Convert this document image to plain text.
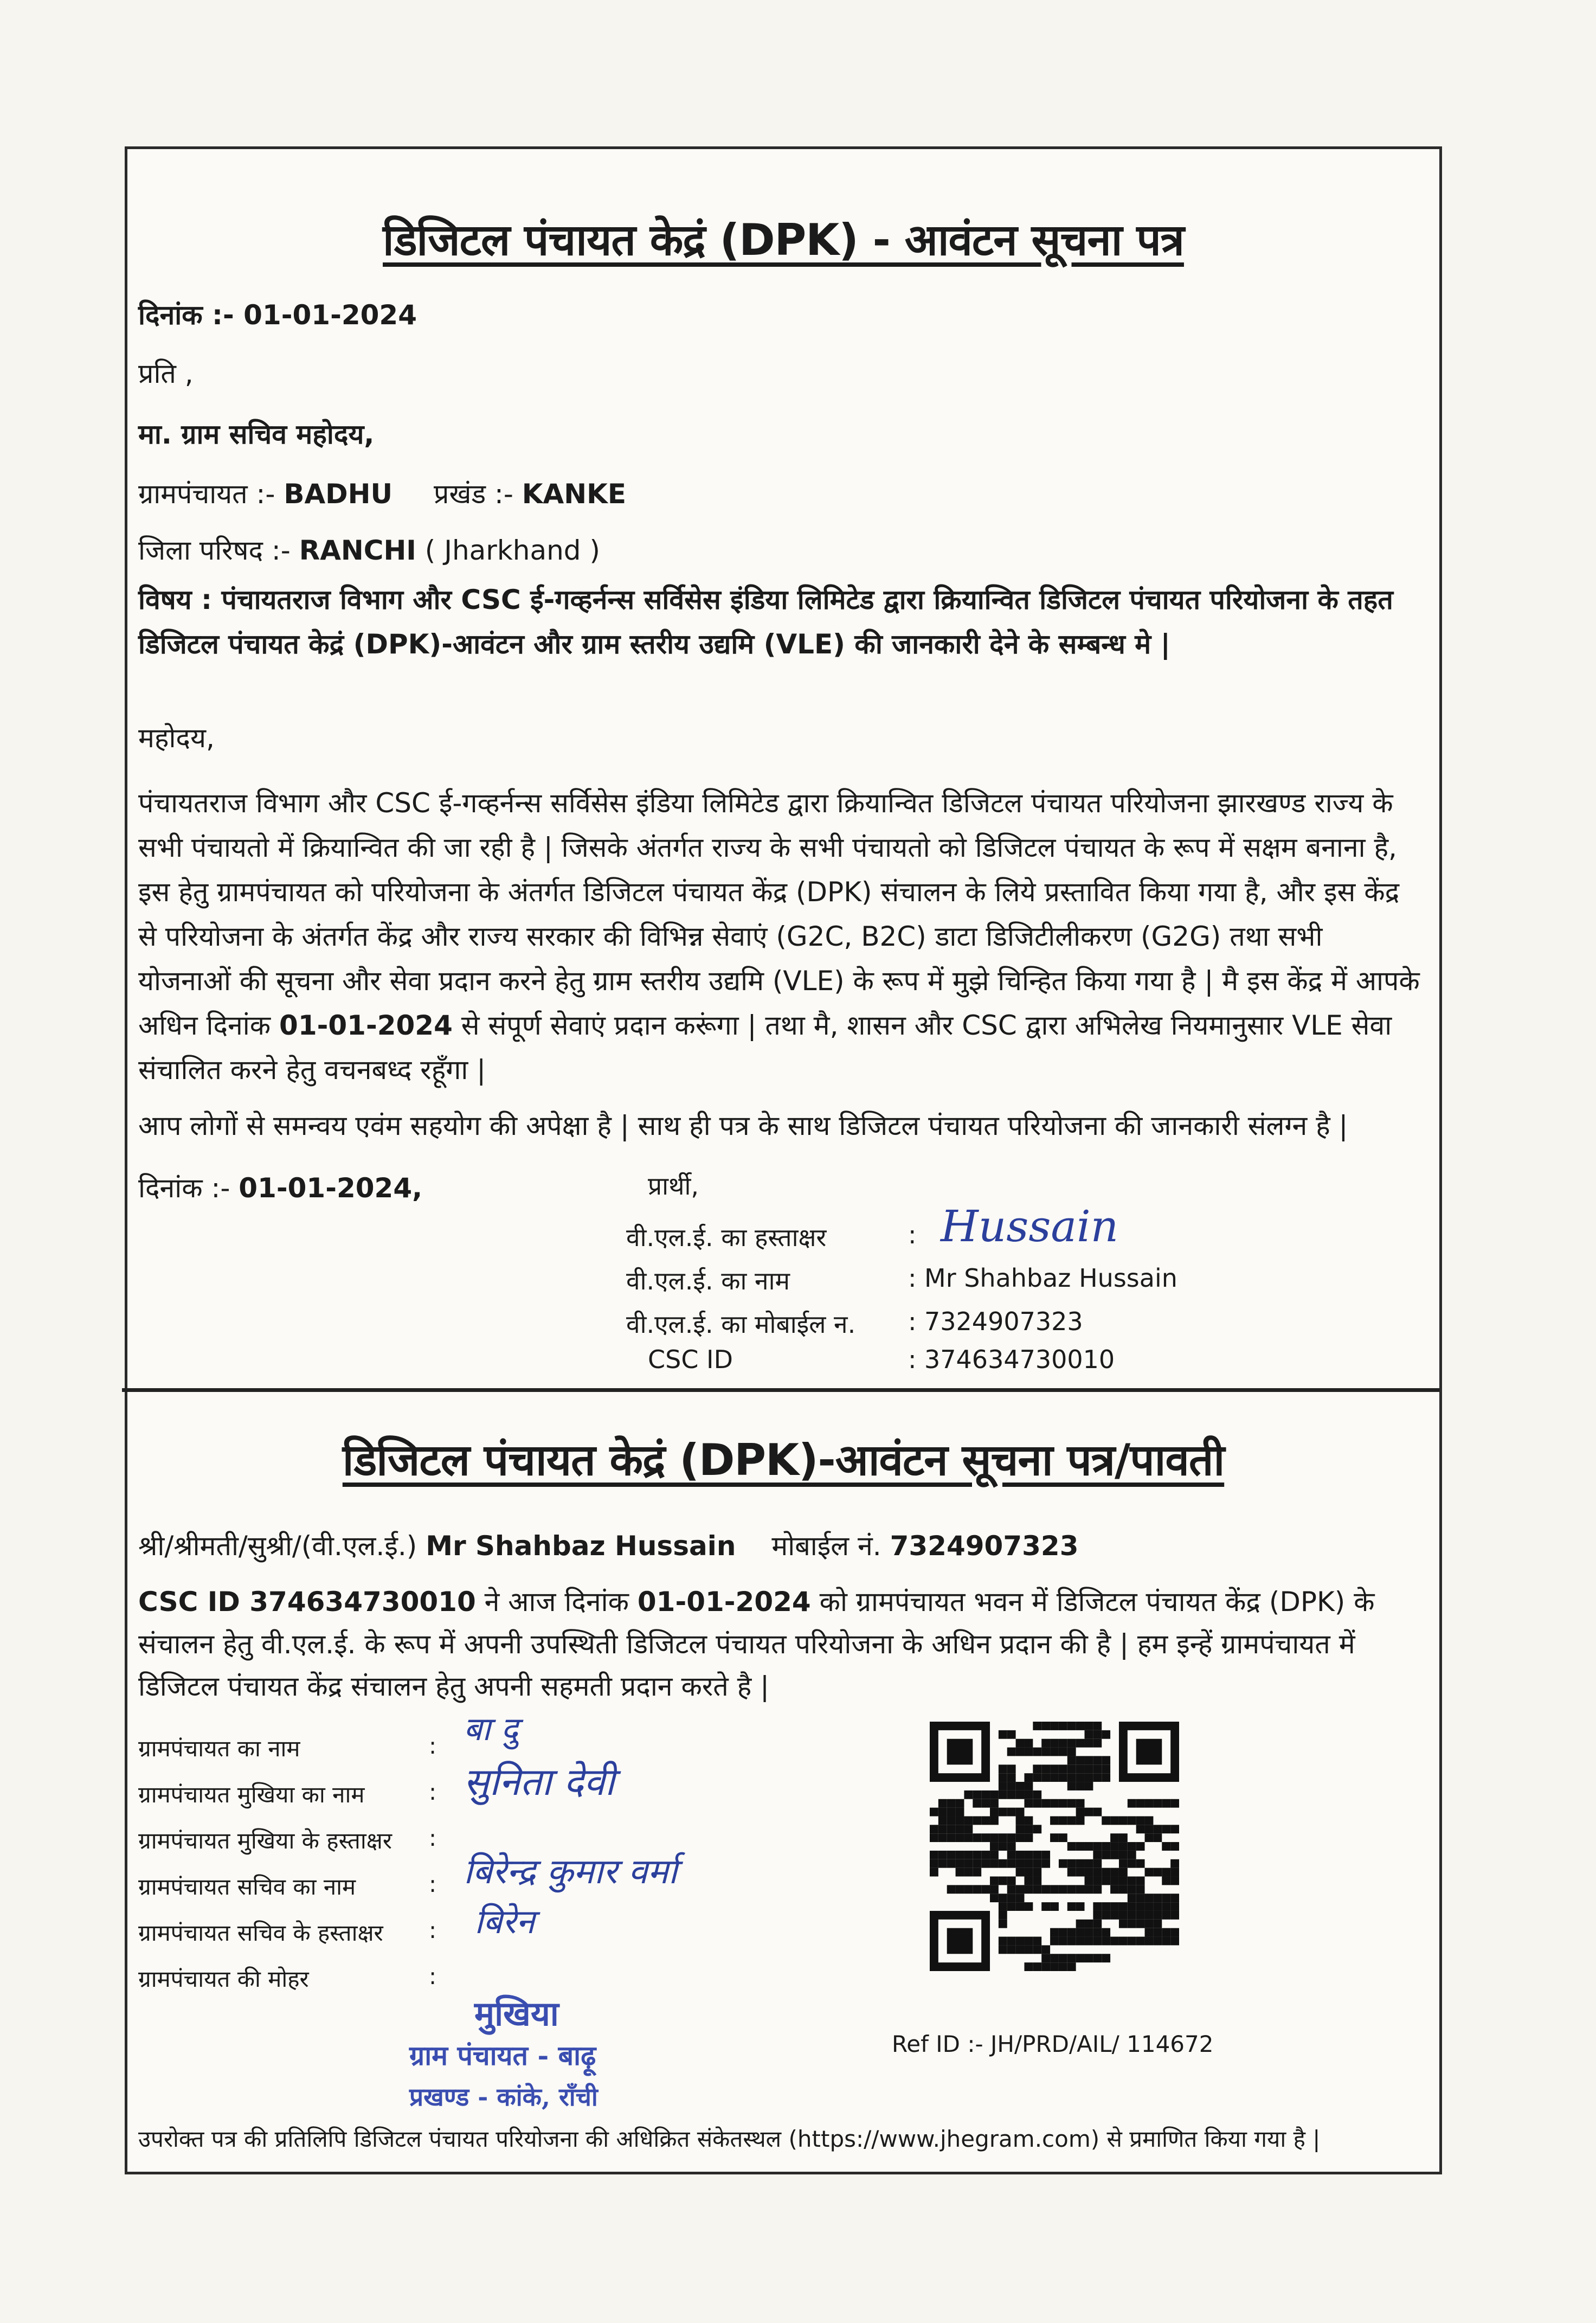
डिजिटल पंचायत केद्रं (DPK) - आवंटन सूचना पत्र
दिनांक :- 01-01-2024
प्रति ,
मा. ग्राम सचिव महोदय,
ग्रामपंचायत :- BADHU प्रखंड :- KANKE
जिला परिषद :- RANCHI ( Jharkhand )
विषय : पंचायतराज विभाग और CSC ई-गव्हर्नन्स सर्विसेस इंडिया लिमिटेड द्वारा क्रियान्वित डिजिटल पंचायत परियोजना के तहत डिजिटल पंचायत केद्रं (DPK)-आवंटन और ग्राम स्तरीय उद्यमि (VLE) की जानकारी देने के सम्बन्ध मे |
महोदय,
पंचायतराज विभाग और CSC ई-गव्हर्नन्स सर्विसेस इंडिया लिमिटेड द्वारा क्रियान्वित डिजिटल पंचायत परियोजना झारखण्ड राज्य के सभी पंचायतो में क्रियान्वित की जा रही है | जिसके अंतर्गत राज्य के सभी पंचायतो को डिजिटल पंचायत के रूप में सक्षम बनाना है, इस हेतु ग्रामपंचायत को परियोजना के अंतर्गत डिजिटल पंचायत केंद्र (DPK) संचालन के लिये प्रस्तावित किया गया है, और इस केंद्र से परियोजना के अंतर्गत केंद्र और राज्य सरकार की विभिन्न सेवाएं (G2C, B2C) डाटा डिजिटीलीकरण (G2G) तथा सभी योजनाओं की सूचना और सेवा प्रदान करने हेतु ग्राम स्तरीय उद्यमि (VLE) के रूप में मुझे चिन्हित किया गया है | मै इस केंद्र में आपके अधिन दिनांक 01-01-2024 से संपूर्ण सेवाएं प्रदान करूंगा | तथा मै, शासन और CSC द्वारा अभिलेख नियमानुसार VLE सेवा संचालित करने हेतु वचनबध्द रहूँगा |
आप लोगों से समन्वय एवंम सहयोग की अपेक्षा है | साथ ही पत्र के साथ डिजिटल पंचायत परियोजना की जानकारी संलग्न है |
दिनांक :- 01-01-2024,	प्रार्थी,
वी.एल.ई. का हस्ताक्षर	: Hussain
वी.एल.ई. का नाम	: Mr Shahbaz Hussain
वी.एल.ई. का मोबाईल न. : 7324907323
CSC ID	: 374634730010
डिजिटल पंचायत केद्रं (DPK)-आवंटन सूचना पत्र/पावती
श्री/श्रीमती/सुश्री/(वी.एल.ई.) Mr Shahbaz Hussain मोबाईल नं. 7324907323
CSC ID 374634730010 ने आज दिनांक 01-01-2024 को ग्रामपंचायत भवन में डिजिटल पंचायत केंद्र (DPK) के संचालन हेतु वी.एल.ई. के रूप में अपनी उपस्थिती डिजिटल पंचायत परियोजना के अधिन प्रदान की है | हम इन्हें ग्रामपंचायत में डिजिटल पंचायत केंद्र संचालन हेतु अपनी सहमती प्रदान करते है |
ग्रामपंचायत का नाम	: बा दु
ग्रामपंचायत मुखिया का नाम	: सुनिता देवी
ग्रामपंचायत मुखिया के हस्ताक्षर :
ग्रामपंचायत सचिव का नाम	: बिरेन्द्र कुमार वर्मा
ग्रामपंचायत सचिव के हस्ताक्षर : बिरेन
ग्रामपंचायत की मोहर	:
मुखिया
ग्राम पंचायत - बाढ़ू
प्रखण्ड - कांके, राँची
Ref ID :- JH/PRD/AIL/ 114672
उपरोक्त पत्र की प्रतिलिपि डिजिटल पंचायत परियोजना की अधिक्रित संकेतस्थल (https://www.jhegram.com) से प्रमाणित किया गया है |
